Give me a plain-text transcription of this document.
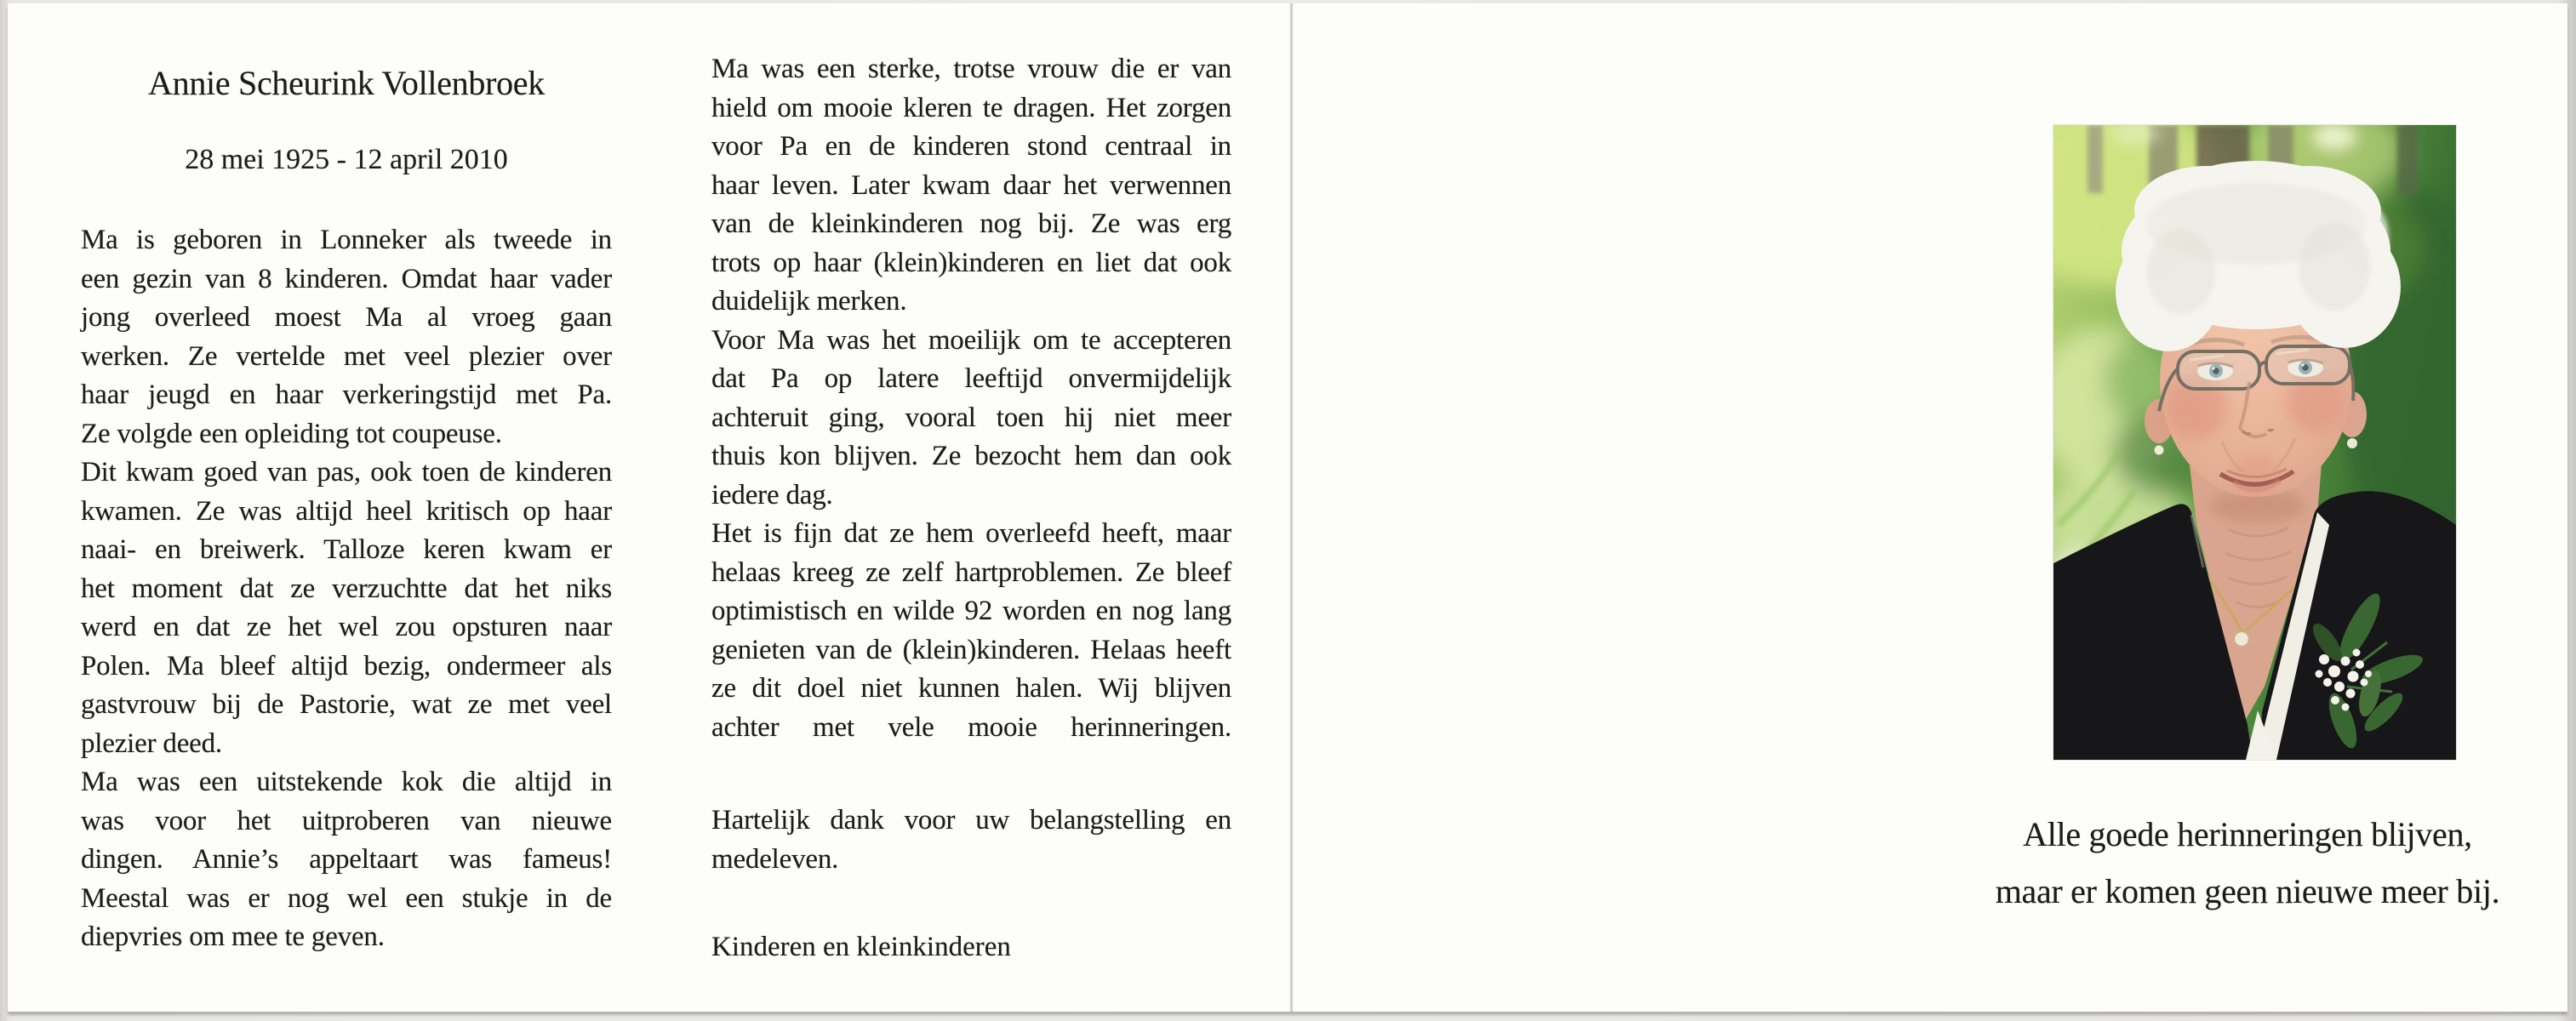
Annie Scheurink Vollenbroek
28 mei 1925 - 12 april 2010
Ma is geboren in Lonneker als tweede in
een gezin van 8 kinderen. Omdat haar vader
jong overleed moest Ma al vroeg gaan
werken. Ze vertelde met veel plezier over
haar jeugd en haar verkeringstijd met Pa.
Ze volgde een opleiding tot coupeuse.
Dit kwam goed van pas, ook toen de kinderen
kwamen. Ze was altijd heel kritisch op haar
naai- en breiwerk. Talloze keren kwam er
het moment dat ze verzuchtte dat het niks
werd en dat ze het wel zou opsturen naar
Polen. Ma bleef altijd bezig, ondermeer als
gastvrouw bij de Pastorie, wat ze met veel
plezier deed.
Ma was een uitstekende kok die altijd in
was voor het uitproberen van nieuwe
dingen. Annie’s appeltaart was fameus!
Meestal was er nog wel een stukje in de
diepvries om mee te geven.
Ma was een sterke, trotse vrouw die er van
hield om mooie kleren te dragen. Het zorgen
voor Pa en de kinderen stond centraal in
haar leven. Later kwam daar het verwennen
van de kleinkinderen nog bij. Ze was erg
trots op haar (klein)kinderen en liet dat ook
duidelijk merken.
Voor Ma was het moeilijk om te accepteren
dat Pa op latere leeftijd onvermijdelijk
achteruit ging, vooral toen hij niet meer
thuis kon blijven. Ze bezocht hem dan ook
iedere dag.
Het is fijn dat ze hem overleefd heeft, maar
helaas kreeg ze zelf hartproblemen. Ze bleef
optimistisch en wilde 92 worden en nog lang
genieten van de (klein)kinderen. Helaas heeft
ze dit doel niet kunnen halen. Wij blijven
achter met vele mooie herinneringen.
Hartelijk dank voor uw belangstelling en
medeleven.
Kinderen en kleinkinderen
Alle goede herinneringen blijven,
maar er komen geen nieuwe meer bij.
